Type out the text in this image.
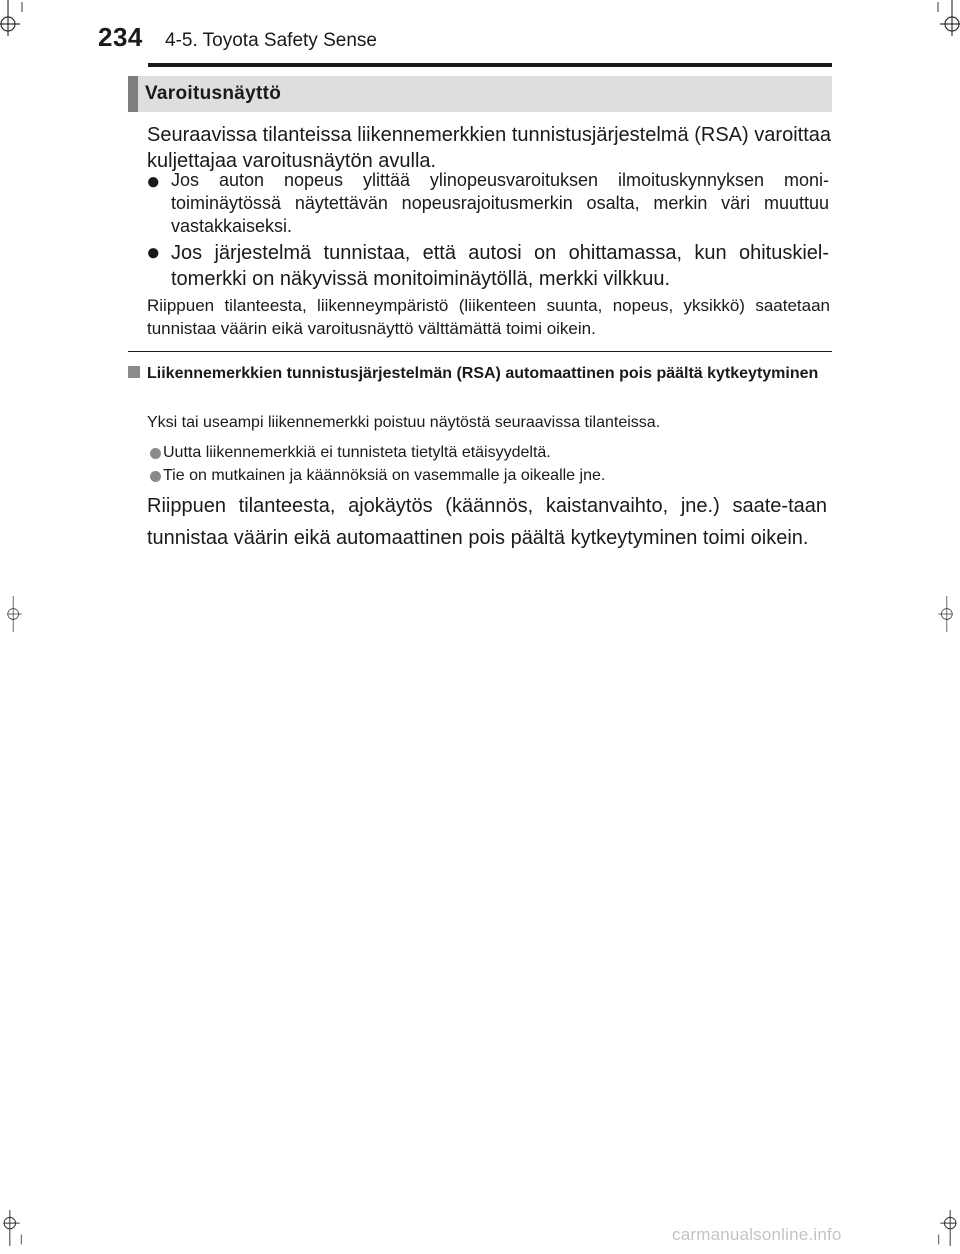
234 4-5. Toyota Safety Sense
Varoitusnäyttö
Seuraavissa tilanteissa liikennemerkkien tunnistusjärjestelmä (RSA) varoittaa kuljettajaa varoitusnäytön avulla.
● Jos auton nopeus ylittää ylinopeusvaroituksen ilmoituskynnyksen moni-toiminäytössä näytettävän nopeusrajoitusmerkin osalta, merkin väri muuttuu vastakkaiseksi.
● Jos järjestelmä tunnistaa, että autosi on ohittamassa, kun ohituskiel-tomerkki on näkyvissä monitoiminäytöllä, merkki vilkkuu.
Riippuen tilanteesta, liikenneympäristö (liikenteen suunta, nopeus, yksikkö) saatetaan tunnistaa väärin eikä varoitusnäyttö välttämättä toimi oikein.
Liikennemerkkien tunnistusjärjestelmän (RSA) automaattinen pois päältä kytkeytyminen
Yksi tai useampi liikennemerkki poistuu näytöstä seuraavissa tilanteissa.
Uutta liikennemerkkiä ei tunnisteta tietyltä etäisyydeltä.
Tie on mutkainen ja käännöksiä on vasemmalle ja oikealle jne.
Riippuen tilanteesta, ajokäytös (käännös, kaistanvaihto, jne.) saate-taan tunnistaa väärin eikä automaattinen pois päältä kytkeytyminen toimi oikein.
carmanualsonline.info
